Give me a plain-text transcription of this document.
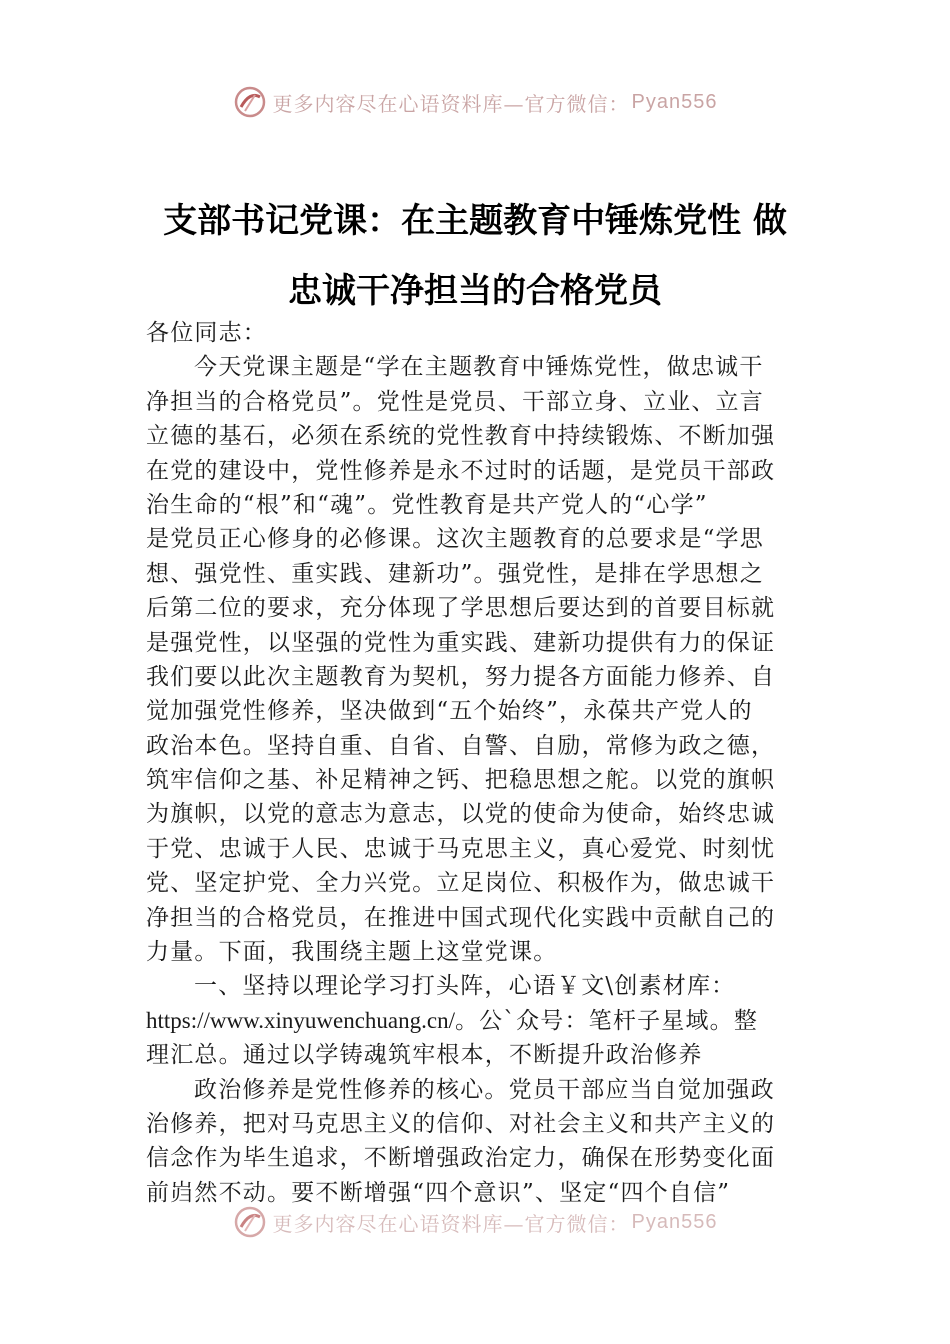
更多内容尽在心语资料库—官方微信： Pyan556
支部书记党课：在主题教育中锤炼党性 做
忠诚干净担当的合格党员
各位同志：
今天党课主题是“学在主题教育中锤炼党性，做忠诚干
净担当的合格党员”。党性是党员、干部立身、立业、立言
立德的基石，必须在系统的党性教育中持续锻炼、不断加强
在党的建设中，党性修养是永不过时的话题，是党员干部政
治生命的“根”和“魂”。党性教育是共产党人的“心学”
是党员正心修身的必修课。这次主题教育的总要求是“学思
想、强党性、重实践、建新功”。强党性，是排在学思想之
后第二位的要求，充分体现了学思想后要达到的首要目标就
是强党性，以坚强的党性为重实践、建新功提供有力的保证
我们要以此次主题教育为契机，努力提各方面能力修养、自
觉加强党性修养，坚决做到“五个始终”，永葆共产党人的
政治本色。坚持自重、自省、自警、自励，常修为政之德，
筑牢信仰之基、补足精神之钙、把稳思想之舵。以党的旗帜
为旗帜，以党的意志为意志，以党的使命为使命，始终忠诚
于党、忠诚于人民、忠诚于马克思主义，真心爱党、时刻忧
党、坚定护党、全力兴党。立足岗位、积极作为，做忠诚干
净担当的合格党员，在推进中国式现代化实践中贡献自己的
力量。下面，我围绕主题上这堂党课。
一、坚持以理论学习打头阵，心语￥文\创素材库：
https://www.xinyuwenchuang.cn/。公`众号：笔杆子星域。整
理汇总。通过以学铸魂筑牢根本，不断提升政治修养
政治修养是党性修养的核心。党员干部应当自觉加强政
治修养，把对马克思主义的信仰、对社会主义和共产主义的
信念作为毕生追求，不断增强政治定力，确保在形势变化面
前岿然不动。要不断增强“四个意识”、坚定“四个自信”
更多内容尽在心语资料库—官方微信： Pyan556
